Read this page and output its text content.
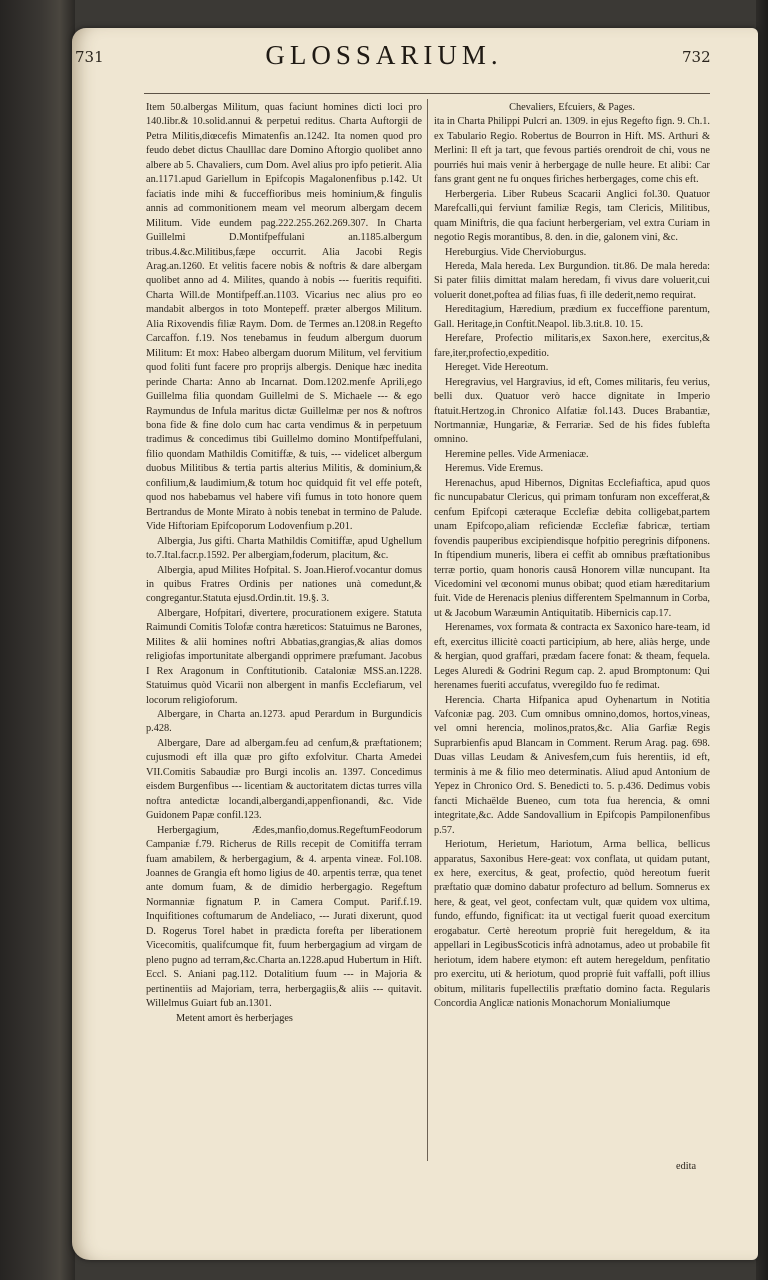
731	GLOSSARIUM.	732

Item 50.albergas Militum, quas faciunt homines dicti loci pro 140.libr.& 10.solid.annui & perpetui reditus. Charta Auftorgii de Petra Militis,diœcefis Mimatenfis an.1242. Ita nomen quod pro feudo debet dictus Chaulllac dare Domino Aftorgio quolibet anno albere ab 5. Chavaliers, cum Dom. Avel alius pro ipfo petierit. Alia an.1171.apud Gariellum in Epifcopis Magalonenfibus p.142. Ut faciatis inde mihi & fucceffioribus meis hominium,& fingulis annis ad commonitionem meam vel meorum albergam decem Militum. Vide eundem pag.222.255.262.269.307. In Charta Guillelmi D.Montifpeffulani an.1185.albergum tribus.4.&c.Militibus,fæpe occurrit. Alia Jacobi Regis Arag.an.1260. Et velitis facere nobis & noftris & dare albergam quolibet anno ad 4. Milites, quando à nobis --- fueritis requifiti. Charta Will.de Montifpeff.an.1103. Vicarius nec alius pro eo mandabit albergos in toto Montepeff. præter albergos Militum. Alia Rixovendis filiæ Raym. Dom. de Termes an.1208.in Regefto Carcaffon. f.19. Nos tenebamus in feudum albergum duorum Militum: Et mox: Habeo albergam duorum Militum, vel fervitium quod foliti funt facere pro proprijs albergis. Denique hæc inedita perinde Charta: Anno ab Incarnat. Dom.1202.menfe Aprili,ego Guillelma filia quondam Guillelmi de S. Michaele --- & ego Raymundus de Infula maritus dictæ Guillelmæ per nos & noftros bona fide & fine dolo cum hac carta vendimus & in perpetuum tradimus & concedimus tibi Guillelmo domino Montifpeffulani, filio quondam Mathildis Comitiffæ, & tuis, --- videlicet albergum duobus Militibus & tertia partis alterius Militis, & dominium,& confilium,& laudimium,& totum hoc quidquid fit vel effe poteft, quod nos habebamus vel habere vifi fumus in toto honore quem Bertrandus de Monte Mirato à nobis tenebat in termino de Palude. Vide Hiftoriam Epifcoporum Lodovenfium p.201.

Albergia, Jus gifti. Charta Mathildis Comitiffæ, apud Ughellum to.7.Ital.facr.p.1592. Per albergiam,foderum, placitum, &c.

Albergia, apud Milites Hofpital. S. Joan.Hierof.vocantur domus in quibus Fratres Ordinis per nationes unà comedunt,& congregantur.Statuta ejusd.Ordin.tit. 19.§. 3.

Albergare, Hofpitari, divertere, procurationem exigere. Statuta Raimundi Comitis Tolofæ contra hæreticos: Statuimus ne Barones, Milites & alii homines noftri Abbatias,grangias,& alias domos religiofas importunitate albergandi opprimere præfumant. Jacobus I Rex Aragonum in Conftitutionib. Cataloniæ MSS.an.1228. Statuimus quòd Vicarii non albergent in manfis Ecclefiarum, vel locorum religioforum.

Albergare, in Charta an.1273. apud Perardum in Burgundicis p.428.

Albergare, Dare ad albergam.feu ad cenfum,& præftationem; cujusmodi eft illa quæ pro gifto exfolvitur. Charta Amedei VII.Comitis Sabaudiæ pro Burgi incolis an. 1397. Concedimus eisdem Burgenfibus --- licentiam & auctoritatem dictas turres villa noftra antedictæ locandi,albergandi,appenfionandi, &c. Vide Guidonem Papæ confil.123.

Herbergagium, Ædes,manfio,domus.RegeftumFeodorum Campaniæ f.79. Richerus de Rills recepit de Comitiffa terram fuam amabilem, & herbergagium, & 4. arpenta vineæ. Fol.108. Joannes de Grangia eft homo ligius de 40. arpentis terræ, qua tenet ante domum fuam, & de dimidio herbergagio. Regeftum Normanniæ fignatum P. in Camera Comput. Parif.f.19. Inquifitiones coftumarum de Andeliaco, --- Jurati dixerunt, quod D. Rogerus Torel habet in prædicta forefta per liberationem Vicecomitis, qualifcumque fit, fuum herbergagium ad virgam de pleno pugno ad terram,&c.Charta an.1228.apud Hubertum in Hift. Eccl. S. Aniani pag.112. Dotalitium fuum --- in Majoria & pertinentiis ad Majoriam, terra, herbergagiis,& aliis --- quitavit. Willelmus Guiart fub an.1301.

Metent amort ès herberjages

Chevaliers, Efcuiers, & Pages.

ita in Charta Philippi Pulcri an. 1309. in ejus Regefto fign. 9. Ch.1. ex Tabulario Regio. Robertus de Bourron in Hift. MS. Arthuri & Merlini: Il eft ja tart, que fevous partiés orendroit de chi, vous ne pourriés hui mais venir à herbergage de nulle heure. Et alibi: Car fans grant gent ne fu onques firiches herbergages, come chis eft.

Herbergeria. Liber Rubeus Scacarii Anglici fol.30. Quatuor Marefcalli,qui ferviunt familiæ Regis, tam Clericis, Militibus, quam Miniftris, die qua faciunt herbergeriam, vel extra Curiam in negotio Regis morantibus, 8. den. in die, galonem vini, &c.

Hereburgius. Vide Chervioburgus.

Hereda, Mala hereda. Lex Burgundion. tit.86. De mala hereda: Si pater filiis dimittat malam heredam, fi vivus dare voluerit,cui voluerit donet,poftea ad filias fuas, fi ille dederit,nemo requirat.

Hereditagium, Hæredium, prædium ex fucceffione parentum, Gall. Heritage,in Conftit.Neapol. lib.3.tit.8. 10. 15.

Herefare, Profectio militaris,ex Saxon.here, exercitus,& fare,iter,profectio,expeditio.

Hereget. Vide Hereotum.

Heregravius, vel Hargravius, id eft, Comes militaris, feu verius, belli dux. Quatuor verò hacce dignitate in Imperio ftatuit.Hertzog.in Chronico Alfatiæ fol.143. Duces Brabantiæ, Nortmanniæ, Hungariæ, & Ferrariæ. Sed de his fides fublefta omnino.

Heremine pelles. Vide Armeniacæ.

Heremus. Vide Eremus.

Herenachus, apud Hibernos, Dignitas Ecclefiaftica, apud quos fic nuncupabatur Clericus, qui primam tonfuram non excefferat,& cenfum Epifcopi cæteraque Ecclefiæ debita colligebat,partem unam Epifcopo,aliam reficiendæ Ecclefiæ fabricæ, tertiam fovendis pauperibus excipiendisque hofpitio peregrinis difponens. In ftipendium muneris, libera ei ceffit ab omnibus præftationibus terræ portio, quam honoris causâ Honorem villæ nuncupant. Ita Vicedomini vel œconomi munus obibat; quod etiam hæreditarium fuit. Vide de Herenacis plenius differentem Spelmannum in Corba, ut & Jacobum Waræumin Antiquitatib. Hibernicis cap.17.

Herenames, vox formata & contracta ex Saxonico hare-team, id eft, exercitus illicitè coacti participium, ab here, aliàs herge, unde & hergian, quod graffari, prædam facere fonat: & theam, fequela. Leges Aluredi & Godrini Regum cap. 2. apud Bromptonum: Qui herenames fueriti accufatus, vveregildo fuo fe redimat.

Herencia. Charta Hifpanica apud Oyhenartum in Notitia Vafconiæ pag. 203. Cum omnibus omnino,domos, hortos,vineas, vel omni herencia, molinos,pratos,&c. Alia Garfiæ Regis Suprarbienfis apud Blancam in Comment. Rerum Arag. pag. 698. Duas villas Leudam & Anivesfem,cum fuis herentiis, id eft, terminis à me & filio meo determinatis. Aliud apud Antonium de Yepez in Chronico Ord. S. Benedicti to. 5. p.436. Dedimus vobis fancti Michaëlde Bueneo, cum tota fua herencia, & omni integritate,&c. Adde Sandovallium in Epifcopis Pampilonenfibus p.57.

Heriotum, Herietum, Hariotum, Arma bellica, bellicus apparatus, Saxonibus Here-geat: vox conflata, ut quidam putant, ex here, exercitus, & geat, profectio, quòd hereotum fuerit præftatio quæ domino dabatur profecturo ad bellum. Somnerus ex here, & geat, vel geot, confectam vult, quæ quidem vox ultima, fundo, effundo, fignificat: ita ut vectigal fuerit quoad exercitum erogabatur. Certè hereotum propriè fuit heregeldum, & ita appellari in LegibusScoticis infrà adnotamus, adeo ut probabile fit heriotum, idem habere etymon: eft autem heregeldum, penfitatio pro exercitu, uti & heriotum, quod propriè fuit vaffalli, poft illius obitum, militaris fupellectilis præftatio domino facta. Regularis Concordia Anglicæ nationis Monachorum Monialiumque

edita
